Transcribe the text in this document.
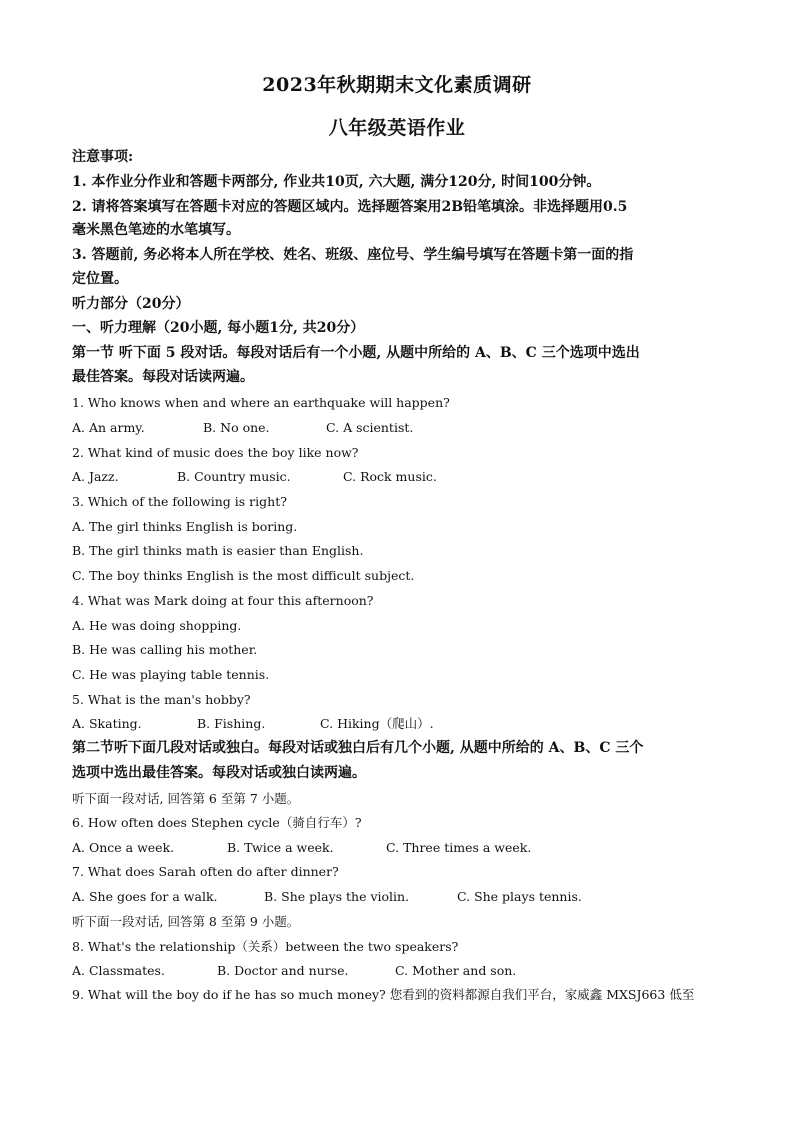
2023年秋期期末文化素质调研
八年级英语作业
注意事项:
1. 本作业分作业和答题卡两部分, 作业共10页, 六大题, 满分120分, 时间100分钟。
2. 请将答案填写在答题卡对应的答题区域内。选择题答案用2B铅笔填涂。非选择题用0.5
毫米黑色笔迹的水笔填写。
3. 答题前, 务必将本人所在学校、姓名、班级、座位号、学生编号填写在答题卡第一面的指
定位置。
听力部分（20分）
一、听力理解（20小题, 每小题1分, 共20分）
第一节 听下面 5 段对话。每段对话后有一个小题, 从题中所给的 A、B、C 三个选项中选出
最佳答案。每段对话读两遍。
1. Who knows when and where an earthquake will happen?
A. An army.	B. No one.	C. A scientist.
2. What kind of music does the boy like now?
A. Jazz.	B. Country music.	C. Rock music.
3. Which of the following is right?
A. The girl thinks English is boring.
B. The girl thinks math is easier than English.
C. The boy thinks English is the most difficult subject.
4. What was Mark doing at four this afternoon?
A. He was doing shopping.
B. He was calling his mother.
C. He was playing table tennis.
5. What is the man's hobby?
A. Skating.	B. Fishing.	C. Hiking（爬山）.
第二节听下面几段对话或独白。每段对话或独白后有几个小题, 从题中所给的 A、B、C 三个
选项中选出最佳答案。每段对话或独白读两遍。
听下面一段对话, 回答第 6 至第 7 小题。
6. How often does Stephen cycle（骑自行车）?
A. Once a week.	B. Twice a week.	C. Three times a week.
7. What does Sarah often do after dinner?
A. She goes for a walk.	B. She plays the violin.	C. She plays tennis.
听下面一段对话, 回答第 8 至第 9 小题。
8. What's the relationship（关系）between the two speakers?
A. Classmates.	B. Doctor and nurse.	C. Mother and son.
9. What will the boy do if he has so much money? 您看到的资料都源自我们平台，家威鑫 MXSJ663 低至
